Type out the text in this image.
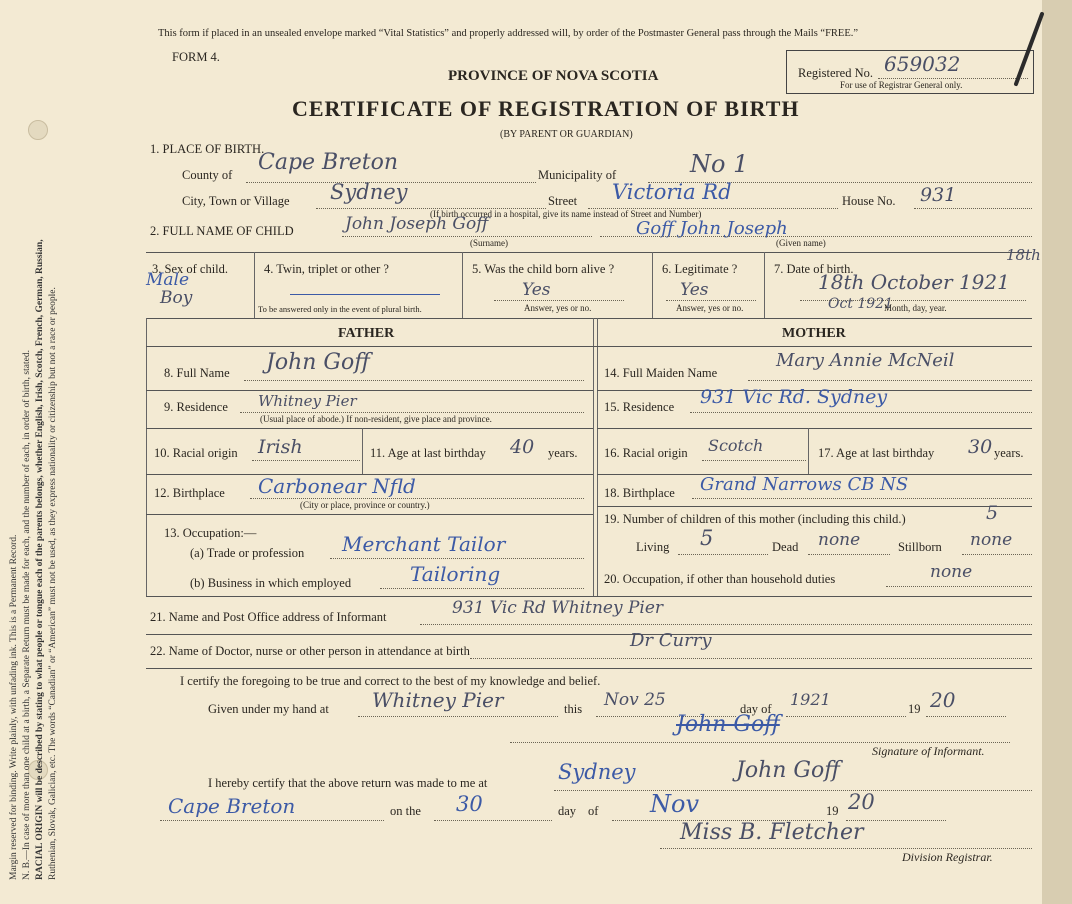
Margin reserved for binding. Write plainly, with unfading ink. This is a Permanent Record. N. B.—In case of more than one child at a birth, a Separate Return must be made for each, and the number of each, in order of birth, stated. RACIAL ORIGIN will be described by stating to what people or tongue each of the parents belongs, whether English, Irish, Scotch, French, German, Russian, Ruthenian, Slovak, Galician, etc. The words “Canadian” or “American” must not be used, as they express nationality or citizenship but not a race or people.

This form if placed in an unsealed envelope marked “Vital Statistics” and properly addressed will, by order of the Postmaster General pass through the Mails “FREE.”
FORM 4.
PROVINCE OF NOVA SCOTIA
CERTIFICATE OF REGISTRATION OF BIRTH
(BY PARENT OR GUARDIAN)
Registered No. 659032
For use of Registrar General only.
1. PLACE OF BIRTH.
County of Cape Breton	Municipality of	No 1
City, Town or Village Sydney	Street Victoria Rd	House No. 931
(If birth occurred in a hospital, give its name instead of Street and Number)
2. FULL NAME OF CHILD	John Joseph Goff	Goff John Joseph
(Surname)	(Given name)
3. Sex of child.
Male
Boy
4. Twin, triplet or other ?
To be answered only in the event of plural birth.
5. Was the child born alive ?
Yes
Answer, yes or no.
6. Legitimate ?
Yes
Answer, yes or no.
7. Date of birth.
18th
18th October 1921
Oct 1921
Month, day, year.
FATHER	MOTHER
8. Full Name John Goff
9. Residence Whitney Pier
(Usual place of abode.) If non-resident, give place and province.
10. Racial origin Irish	11. Age at last birthday 40 years.
12. Birthplace Carbonear Nfld
(City or place, province or country.)
13. Occupation:—
(a) Trade or profession Merchant Tailor
(b) Business in which employed	Tailoring
14. Full Maiden Name
Mary Annie McNeil
15. Residence 931 Vic Rd. Sydney
16. Racial origin Scotch	17. Age at last birthday 30 years.
18. Birthplace Grand Narrows CB NS
19. Number of children of this mother (including this child.)	5
Living 5	Dead none	Stillborn none
20. Occupation, if other than household duties	none
21. Name and Post Office address of Informant	931 Vic Rd Whitney Pier
22. Name of Doctor, nurse or other person in attendance at birth	Dr Curry
I certify the foregoing to be true and correct to the best of my knowledge and belief.
Given under my hand at Whitney Pier	this Nov 25	day of 1921	19 20
John Goff
Signature of Informant.
I hereby certify that the above return was made to me at	Sydney	John Goff
Cape Breton	on the 30	day of Nov	19 20
Miss B. Fletcher
Division Registrar.
